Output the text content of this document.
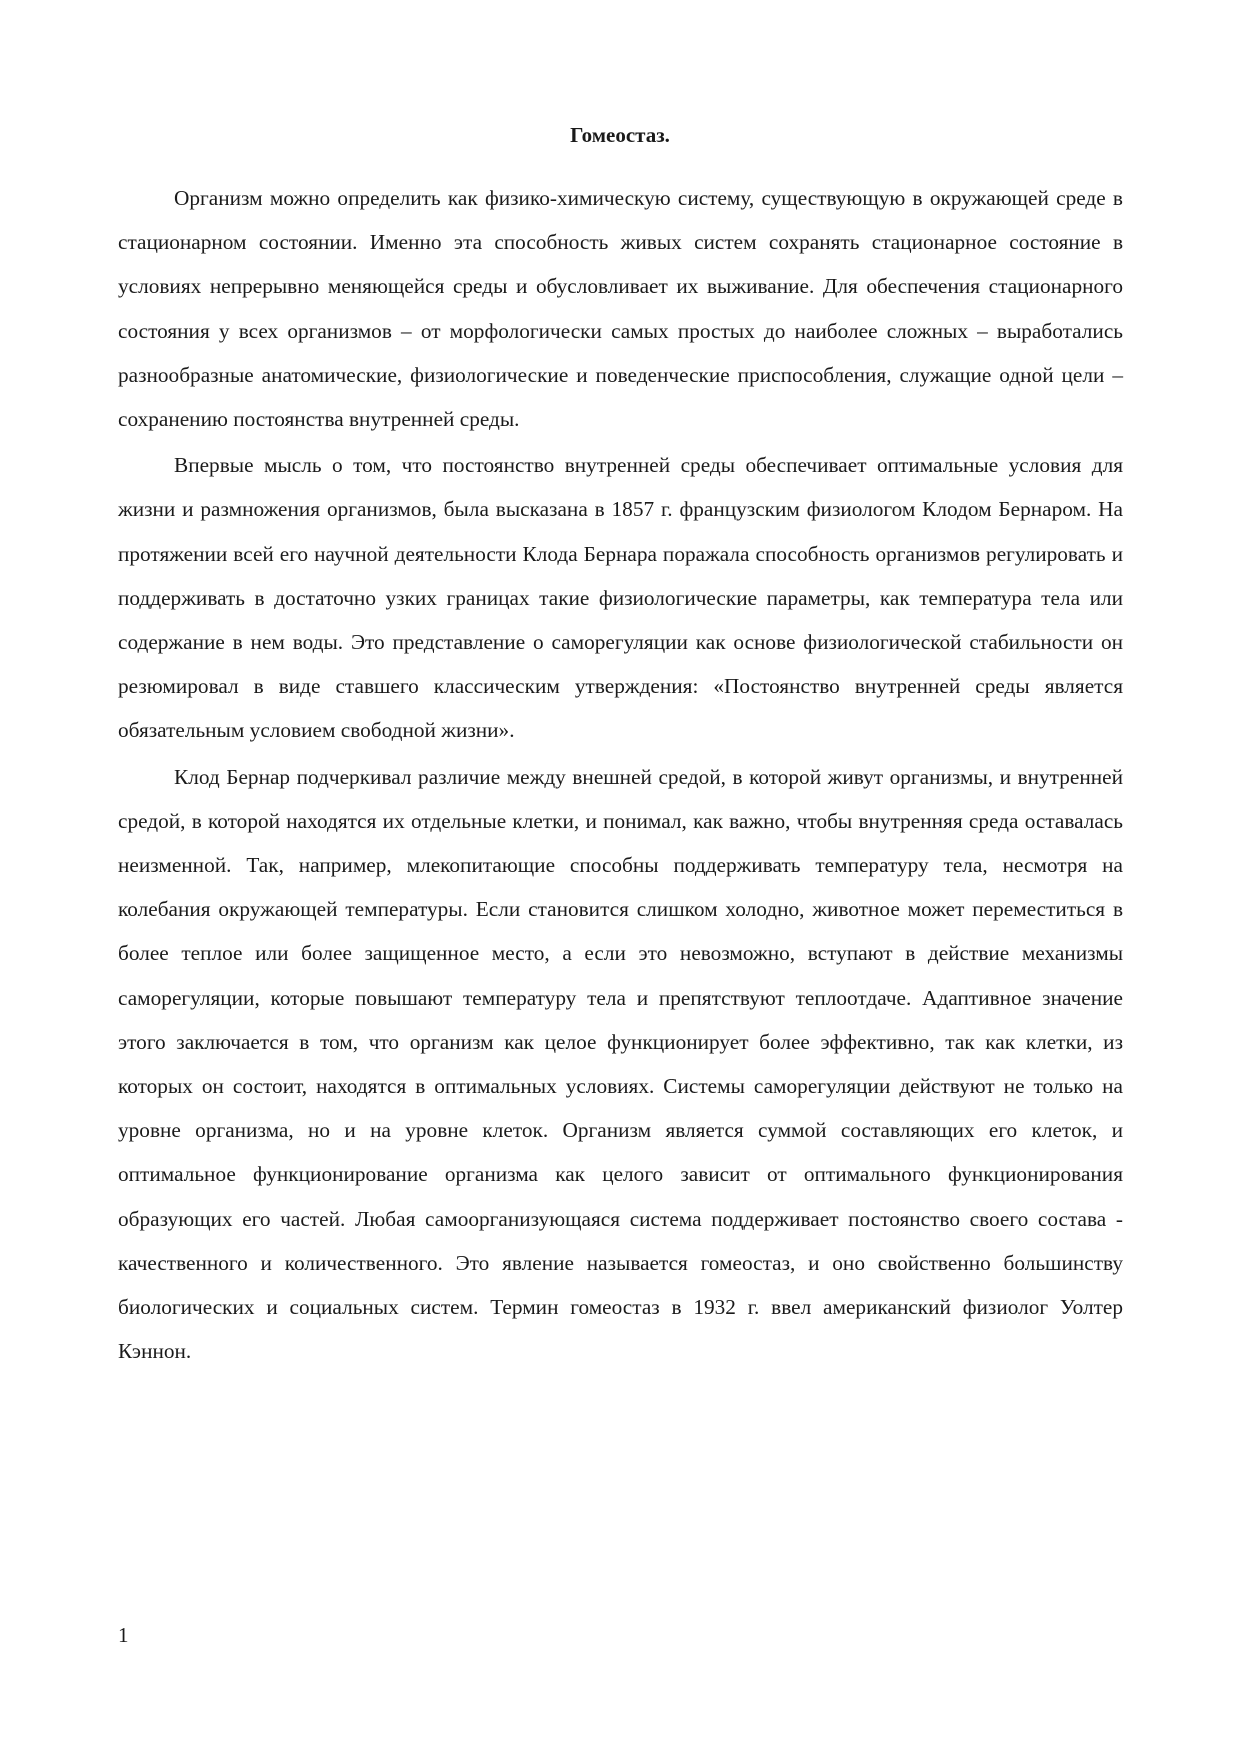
Гомеостаз.

Организм можно определить как физико-химическую систему, существующую в окружающей среде в стационарном состоянии. Именно эта способность живых систем сохранять стационарное состояние в условиях непрерывно меняющейся среды и обусловливает их выживание. Для обеспечения стационарного состояния у всех организмов – от морфологически самых простых до наиболее сложных – выработались разнообразные анатомические, физиологические и поведенческие приспособления, служащие одной цели – сохранению постоянства внутренней среды.

Впервые мысль о том, что постоянство внутренней среды обеспечивает оптимальные условия для жизни и размножения организмов, была высказана в 1857 г. французским физиологом Клодом Бернаром. На протяжении всей его научной деятельности Клода Бернара поражала способность организмов регулировать и поддерживать в достаточно узких границах такие физиологические параметры, как температура тела или содержание в нем воды. Это представление о саморегуляции как основе физиологической стабильности он резюмировал в виде ставшего классическим утверждения: «Постоянство внутренней среды является обязательным условием свободной жизни».

Клод Бернар подчеркивал различие между внешней средой, в которой живут организмы, и внутренней средой, в которой находятся их отдельные клетки, и понимал, как важно, чтобы внутренняя среда оставалась неизменной. Так, например, млекопитающие способны поддерживать температуру тела, несмотря на колебания окружающей температуры. Если становится слишком холодно, животное может переместиться в более теплое или более защищенное место, а если это невозможно, вступают в действие механизмы саморегуляции, которые повышают температуру тела и препятствуют теплоотдаче. Адаптивное значение этого заключается в том, что организм как целое функционирует более эффективно, так как клетки, из которых он состоит, находятся в оптимальных условиях. Системы саморегуляции действуют не только на уровне организма, но и на уровне клеток. Организм является суммой составляющих его клеток, и оптимальное функционирование организма как целого зависит от оптимального функционирования образующих его частей. Любая самоорганизующаяся система поддерживает постоянство своего состава - качественного и количественного. Это явление называется гомеостаз, и оно свойственно большинству биологических и социальных систем. Термин гомеостаз в 1932 г. ввел американский физиолог Уолтер Кэннон.

1
